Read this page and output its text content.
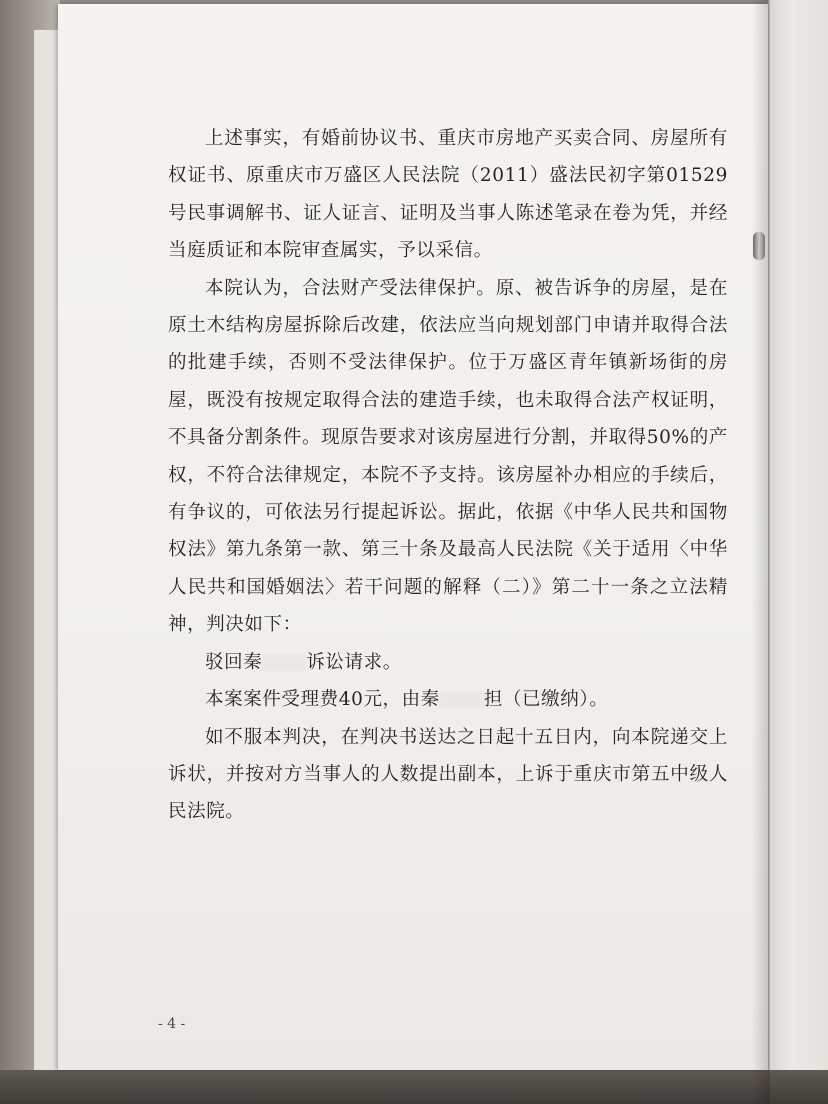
上述事实，有婚前协议书、重庆市房地产买卖合同、房屋所有权证书、原重庆市万盛区人民法院（2011）盛法民初字第01529号民事调解书、证人证言、证明及当事人陈述笔录在卷为凭，并经当庭质证和本院审查属实，予以采信。

本院认为，合法财产受法律保护。原、被告诉争的房屋，是在原土木结构房屋拆除后改建，依法应当向规划部门申请并取得合法的批建手续，否则不受法律保护。位于万盛区青年镇新场街的房屋，既没有按规定取得合法的建造手续，也未取得合法产权证明，不具备分割条件。现原告要求对该房屋进行分割，并取得50%的产权，不符合法律规定，本院不予支持。该房屋补办相应的手续后，有争议的，可依法另行提起诉讼。据此，依据《中华人民共和国物权法》第九条第一款、第三十条及最高人民法院《关于适用〈中华人民共和国婚姻法〉若干问题的解释（二）》第二十一条之立法精神，判决如下：

驳回秦 诉讼请求。

本案案件受理费40元，由秦 担（已缴纳）。

如不服本判决，在判决书送达之日起十五日内，向本院递交上诉状，并按对方当事人的人数提出副本，上诉于重庆市第五中级人民法院。

- 4 -
